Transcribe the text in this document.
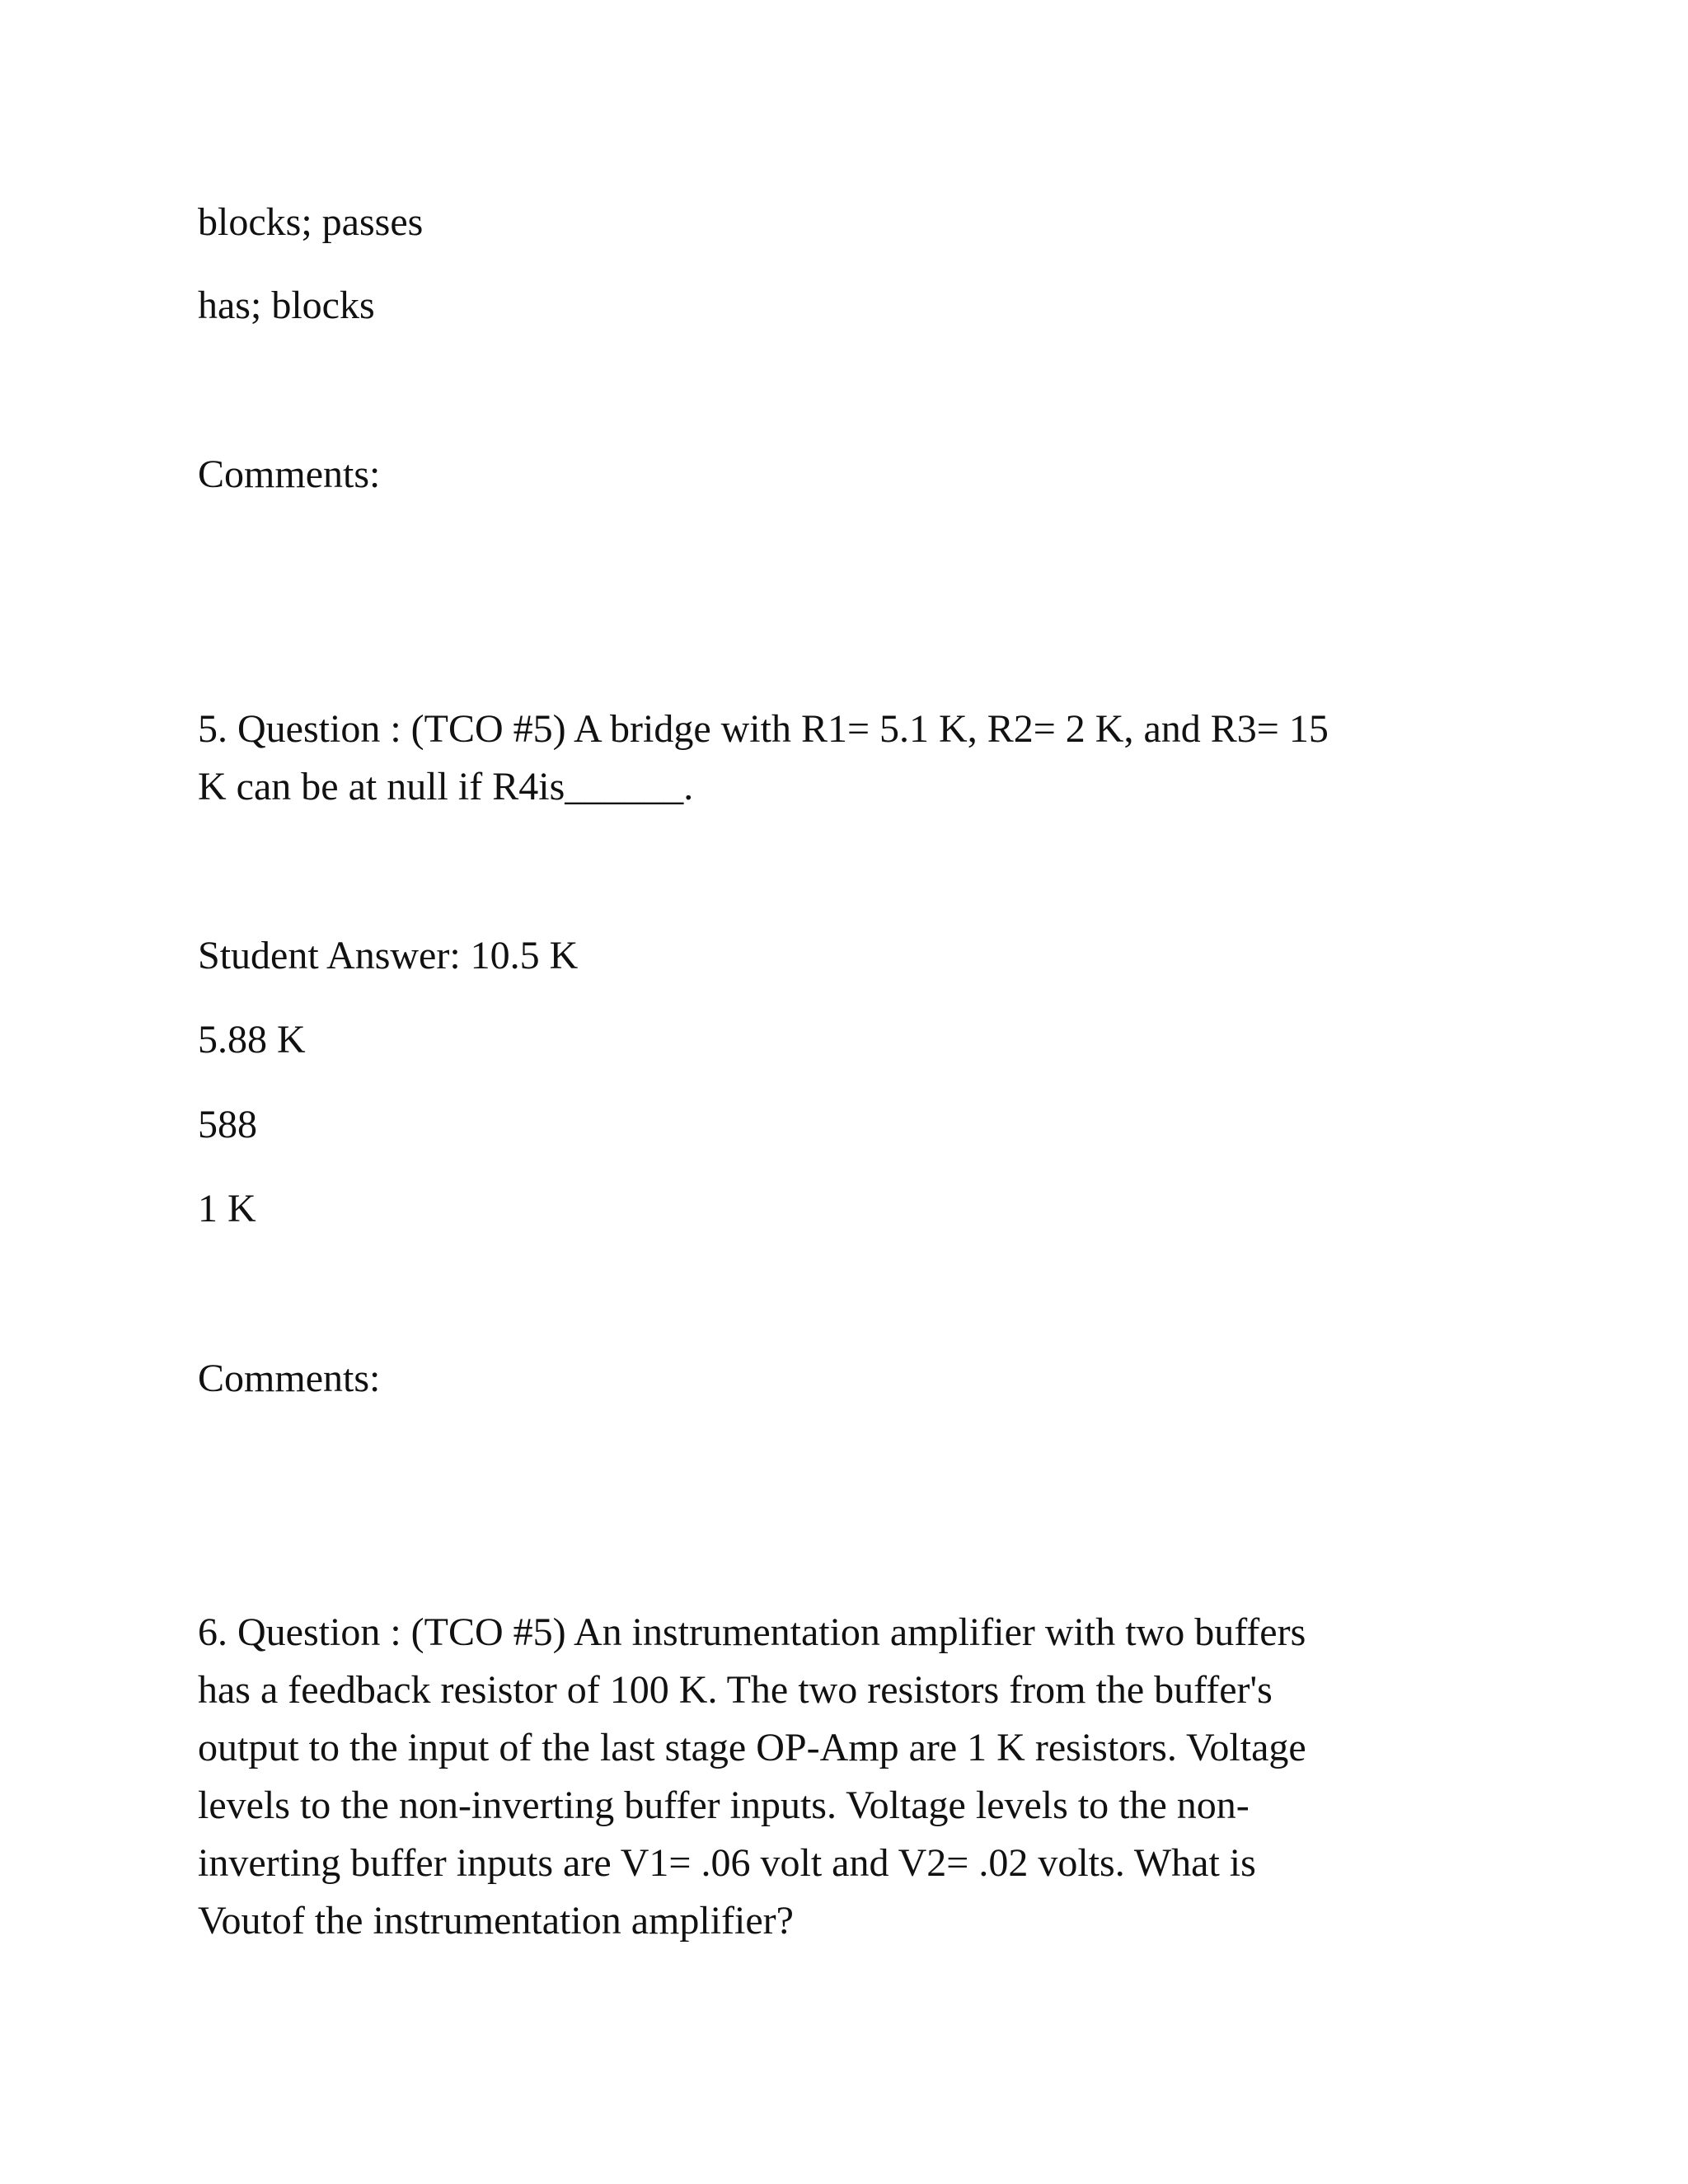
blocks; passes

has; blocks

Comments:

5. Question : (TCO #5) A bridge with R1= 5.1 K, R2= 2 K, and R3= 15

K can be at null if R4is______.

Student Answer: 10.5 K

5.88 K

588

1 K

Comments:

6. Question : (TCO #5) An instrumentation amplifier with two buffers

has a feedback resistor of 100 K. The two resistors from the buffer's

output to the input of the last stage OP-Amp are 1 K resistors. Voltage

levels to the non-inverting buffer inputs. Voltage levels to the non-

inverting buffer inputs are V1= .06 volt and V2= .02 volts. What is

Voutof the instrumentation amplifier?
